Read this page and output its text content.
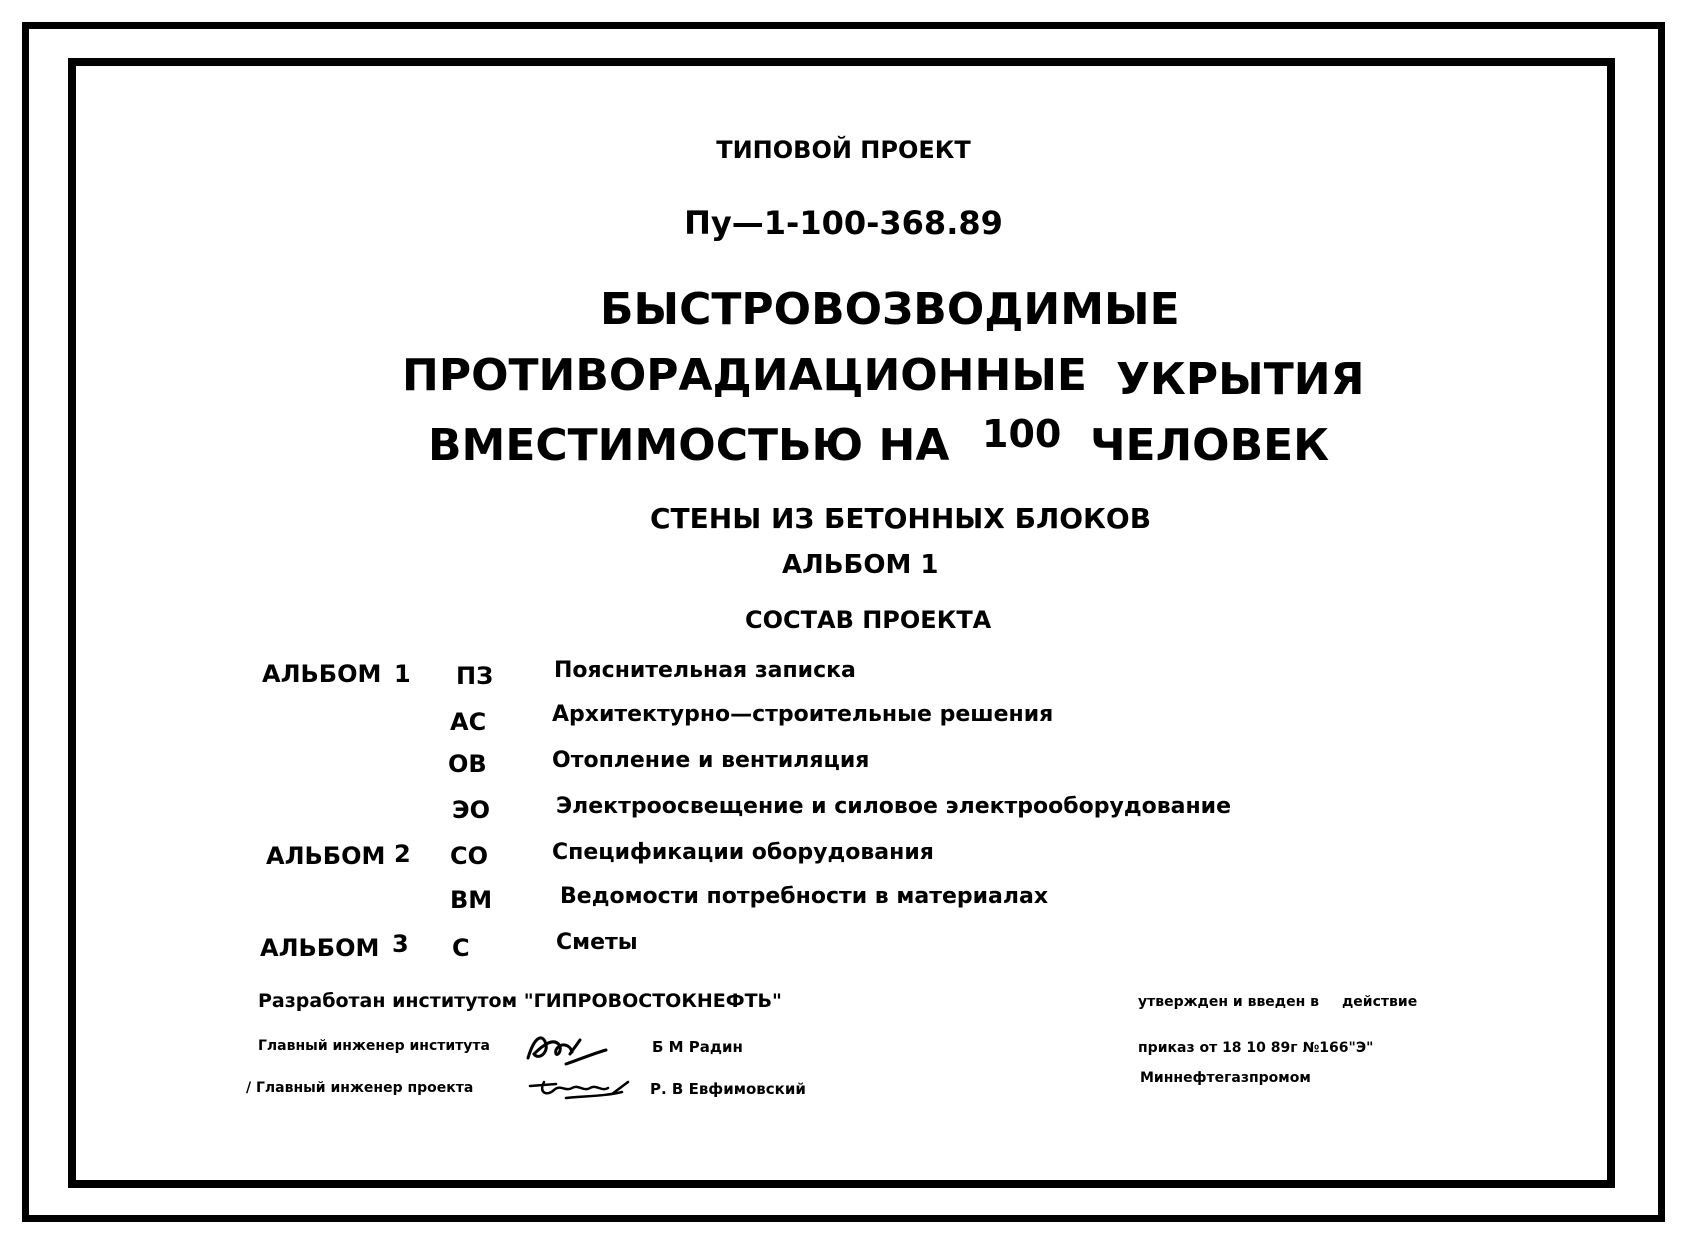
ТИПОВОЙ ПРОЕКТ
Пу—1-100-368.89
БЫСТРОВОЗВОДИМЫЕ
ПРОТИВОРАДИАЦИОННЫЕ УКРЫТИЯ
ВМЕСТИМОСТЬЮ НА 100 ЧЕЛОВЕК
СТЕНЫ ИЗ БЕТОННЫХ БЛОКОВ
АЛЬБОМ 1
СОСТАВ ПРОЕКТА
АЛЬБОМ 1 ПЗ	Пояснительная записка
АС	Архитектурно—строительные решения
ОВ	Отопление и вентиляция
ЭО	Электроосвещение и силовое электрооборудование
АЛЬБОМ 2 СО	Спецификации оборудования
ВМ	Ведомости потребности в материалах
АЛЬБОМ 3 С	Сметы
Разработан институтом "ГИПРОВОСТОКНЕФТЬ"
Главный инженер института	Б М Радин
/ Главный инженер проекта	Р. В Евфимовский
утвержден и введен в действие
приказ от 18 10 89г №166"Э"
Миннефтегазпромом
